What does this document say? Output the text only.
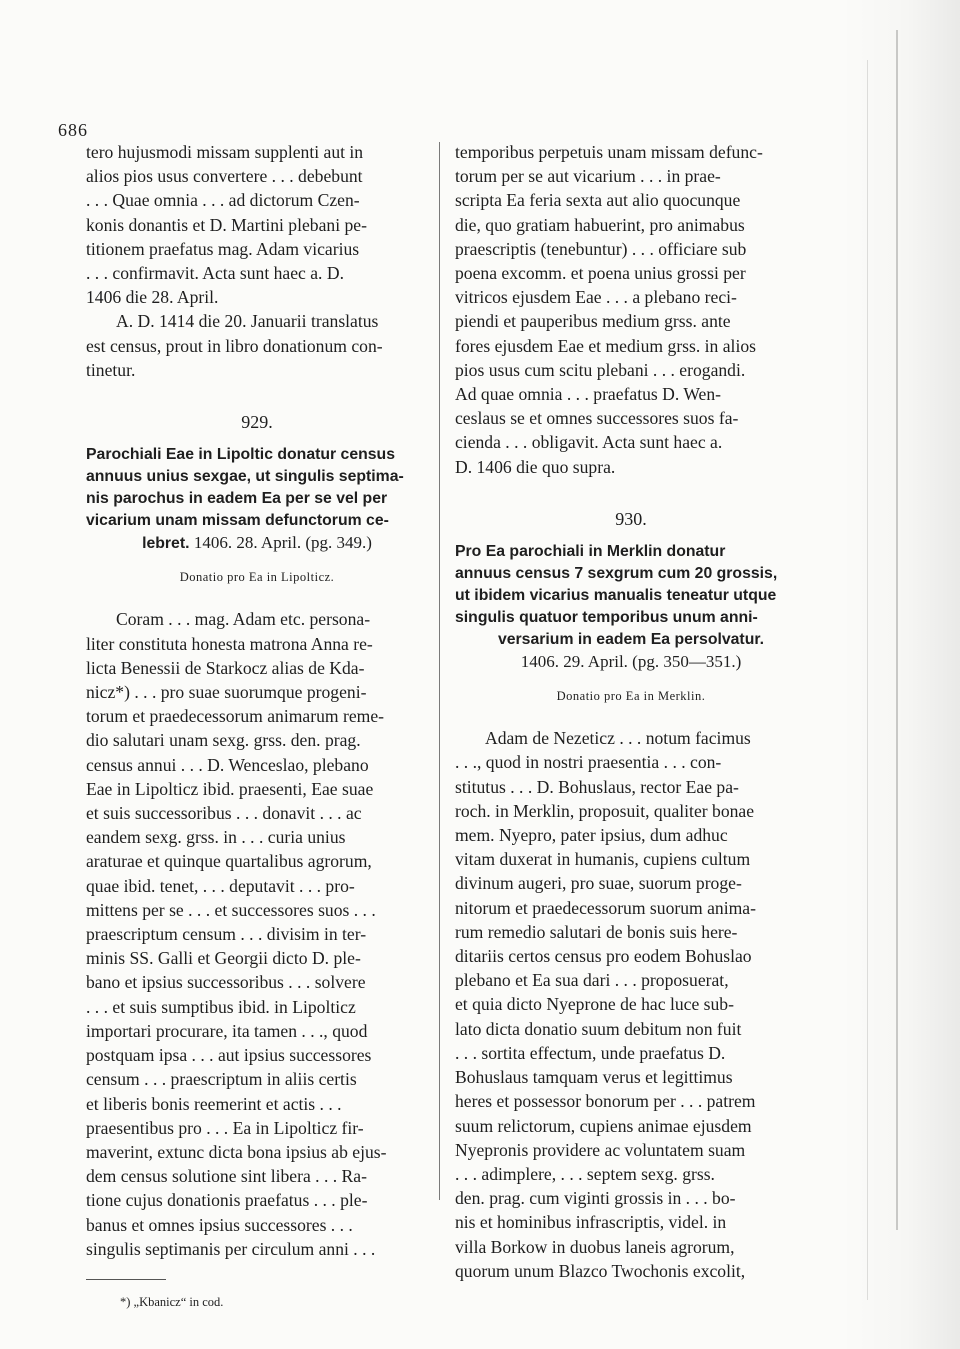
686

tero hujusmodi missam supplenti aut in

alios pios usus convertere . . . debebunt

. . . Quae omnia . . . ad dictorum Czen-

konis donantis et D. Martini plebani pe-

titionem praefatus mag. Adam vicarius

. . . confirmavit. Acta sunt haec a. D.

1406 die 28. April.

A. D. 1414 die 20. Januarii translatus

est census, prout in libro donationum con-

tinetur.

929.

Parochiali Eae in Lipoltic donatur census

annuus unius sexgae, ut singulis septima-

nis parochus in eadem Ea per se vel per

vicarium unam missam defunctorum ce-

lebret. 1406. 28. April. (pg. 349.)

Donatio pro Ea in Lipolticz.

Coram . . . mag. Adam etc. persona-

liter constituta honesta matrona Anna re-

licta Benessii de Starkocz alias de Kda-

nicz*) . . . pro suae suorumque progeni-

torum et praedecessorum animarum reme-

dio salutari unam sexg. grss. den. prag.

census annui . . . D. Wenceslao, plebano

Eae in Lipolticz ibid. praesenti, Eae suae

et suis successoribus . . . donavit . . . ac

eandem sexg. grss. in . . . curia unius

araturae et quinque quartalibus agrorum,

quae ibid. tenet, . . . deputavit . . . pro-

mittens per se . . . et successores suos . . .

praescriptum censum . . . divisim in ter-

minis SS. Galli et Georgii dicto D. ple-

bano et ipsius successoribus . . . solvere

. . . et suis sumptibus ibid. in Lipolticz

importari procurare, ita tamen . . ., quod

postquam ipsa . . . aut ipsius successores

censum . . . praescriptum in aliis certis

et liberis bonis reemerint et actis . . .

praesentibus pro . . . Ea in Lipolticz fir-

maverint, extunc dicta bona ipsius ab ejus-

dem census solutione sint libera . . . Ra-

tione cujus donationis praefatus . . . ple-

banus et omnes ipsius successores . . .

singulis septimanis per circulum anni . . .

*) „Kbanicz“ in cod.

temporibus perpetuis unam missam defunc-

torum per se aut vicarium . . . in prae-

scripta Ea feria sexta aut alio quocunque

die, quo gratiam habuerint, pro animabus

praescriptis (tenebuntur) . . . officiare sub

poena excomm. et poena unius grossi per

vitricos ejusdem Eae . . . a plebano reci-

piendi et pauperibus medium grss. ante

fores ejusdem Eae et medium grss. in alios

pios usus cum scitu plebani . . . erogandi.

Ad quae omnia . . . praefatus D. Wen-

ceslaus se et omnes successores suos fa-

cienda . . . obligavit. Acta sunt haec a.

D. 1406 die quo supra.

930.

Pro Ea parochiali in Merklin donatur

annuus census 7 sexgrum cum 20 grossis,

ut ibidem vicarius manualis teneatur utque

singulis quatuor temporibus unum anni-

versarium in eadem Ea persolvatur.

1406. 29. April. (pg. 350—351.)

Donatio pro Ea in Merklin.

Adam de Nezeticz . . . notum facimus

. . ., quod in nostri praesentia . . . con-

stitutus . . . D. Bohuslaus, rector Eae pa-

roch. in Merklin, proposuit, qualiter bonae

mem. Nyepro, pater ipsius, dum adhuc

vitam duxerat in humanis, cupiens cultum

divinum augeri, pro suae, suorum proge-

nitorum et praedecessorum suorum anima-

rum remedio salutari de bonis suis here-

ditariis certos census pro eodem Bohuslao

plebano et Ea sua dari . . . proposuerat,

et quia dicto Nyeprone de hac luce sub-

lato dicta donatio suum debitum non fuit

. . . sortita effectum, unde praefatus D.

Bohuslaus tamquam verus et legittimus

heres et possessor bonorum per . . . patrem

suum relictorum, cupiens animae ejusdem

Nyepronis providere ac voluntatem suam

. . . adimplere, . . . septem sexg. grss.

den. prag. cum viginti grossis in . . . bo-

nis et hominibus infrascriptis, videl. in

villa Borkow in duobus laneis agrorum,

quorum unum Blazco Twochonis excolit,
